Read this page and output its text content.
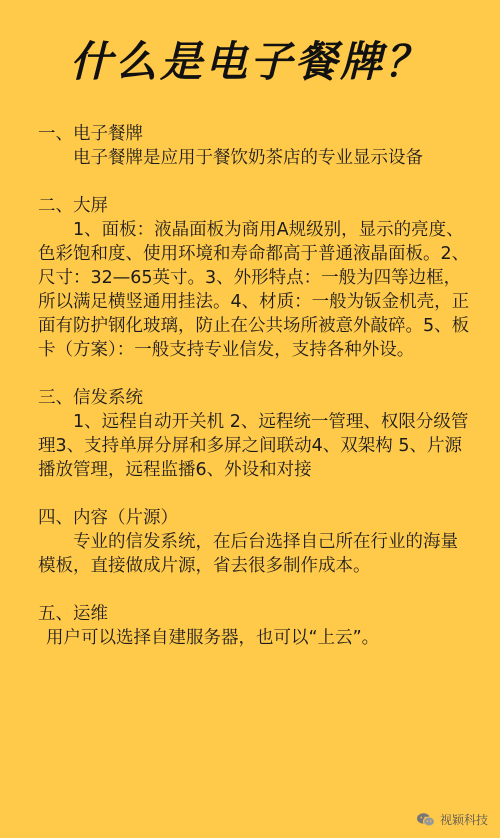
什么是电子餐牌？

一、电子餐牌

电子餐牌是应用于餐饮奶茶店的专业显示设备

二、大屏

1、面板：液晶面板为商用A规级别，显示的亮度、色彩饱和度、使用环境和寿命都高于普通液晶面板。2、尺寸：32—65英寸。3、外形特点：一般为四等边框，所以满足横竖通用挂法。4、材质：一般为钣金机壳，正面有防护钢化玻璃，防止在公共场所被意外敲碎。5、板卡（方案）：一般支持专业信发，支持各种外设。

三、信发系统

1、远程自动开关机 2、远程统一管理、权限分级管理3、支持单屏分屏和多屏之间联动4、双架构 5、片源播放管理，远程监播6、外设和对接

四、内容（片源）

专业的信发系统，在后台选择自己所在行业的海量模板，直接做成片源，省去很多制作成本。

五、运维

用户可以选择自建服务器，也可以“上云”。

视颖科技
